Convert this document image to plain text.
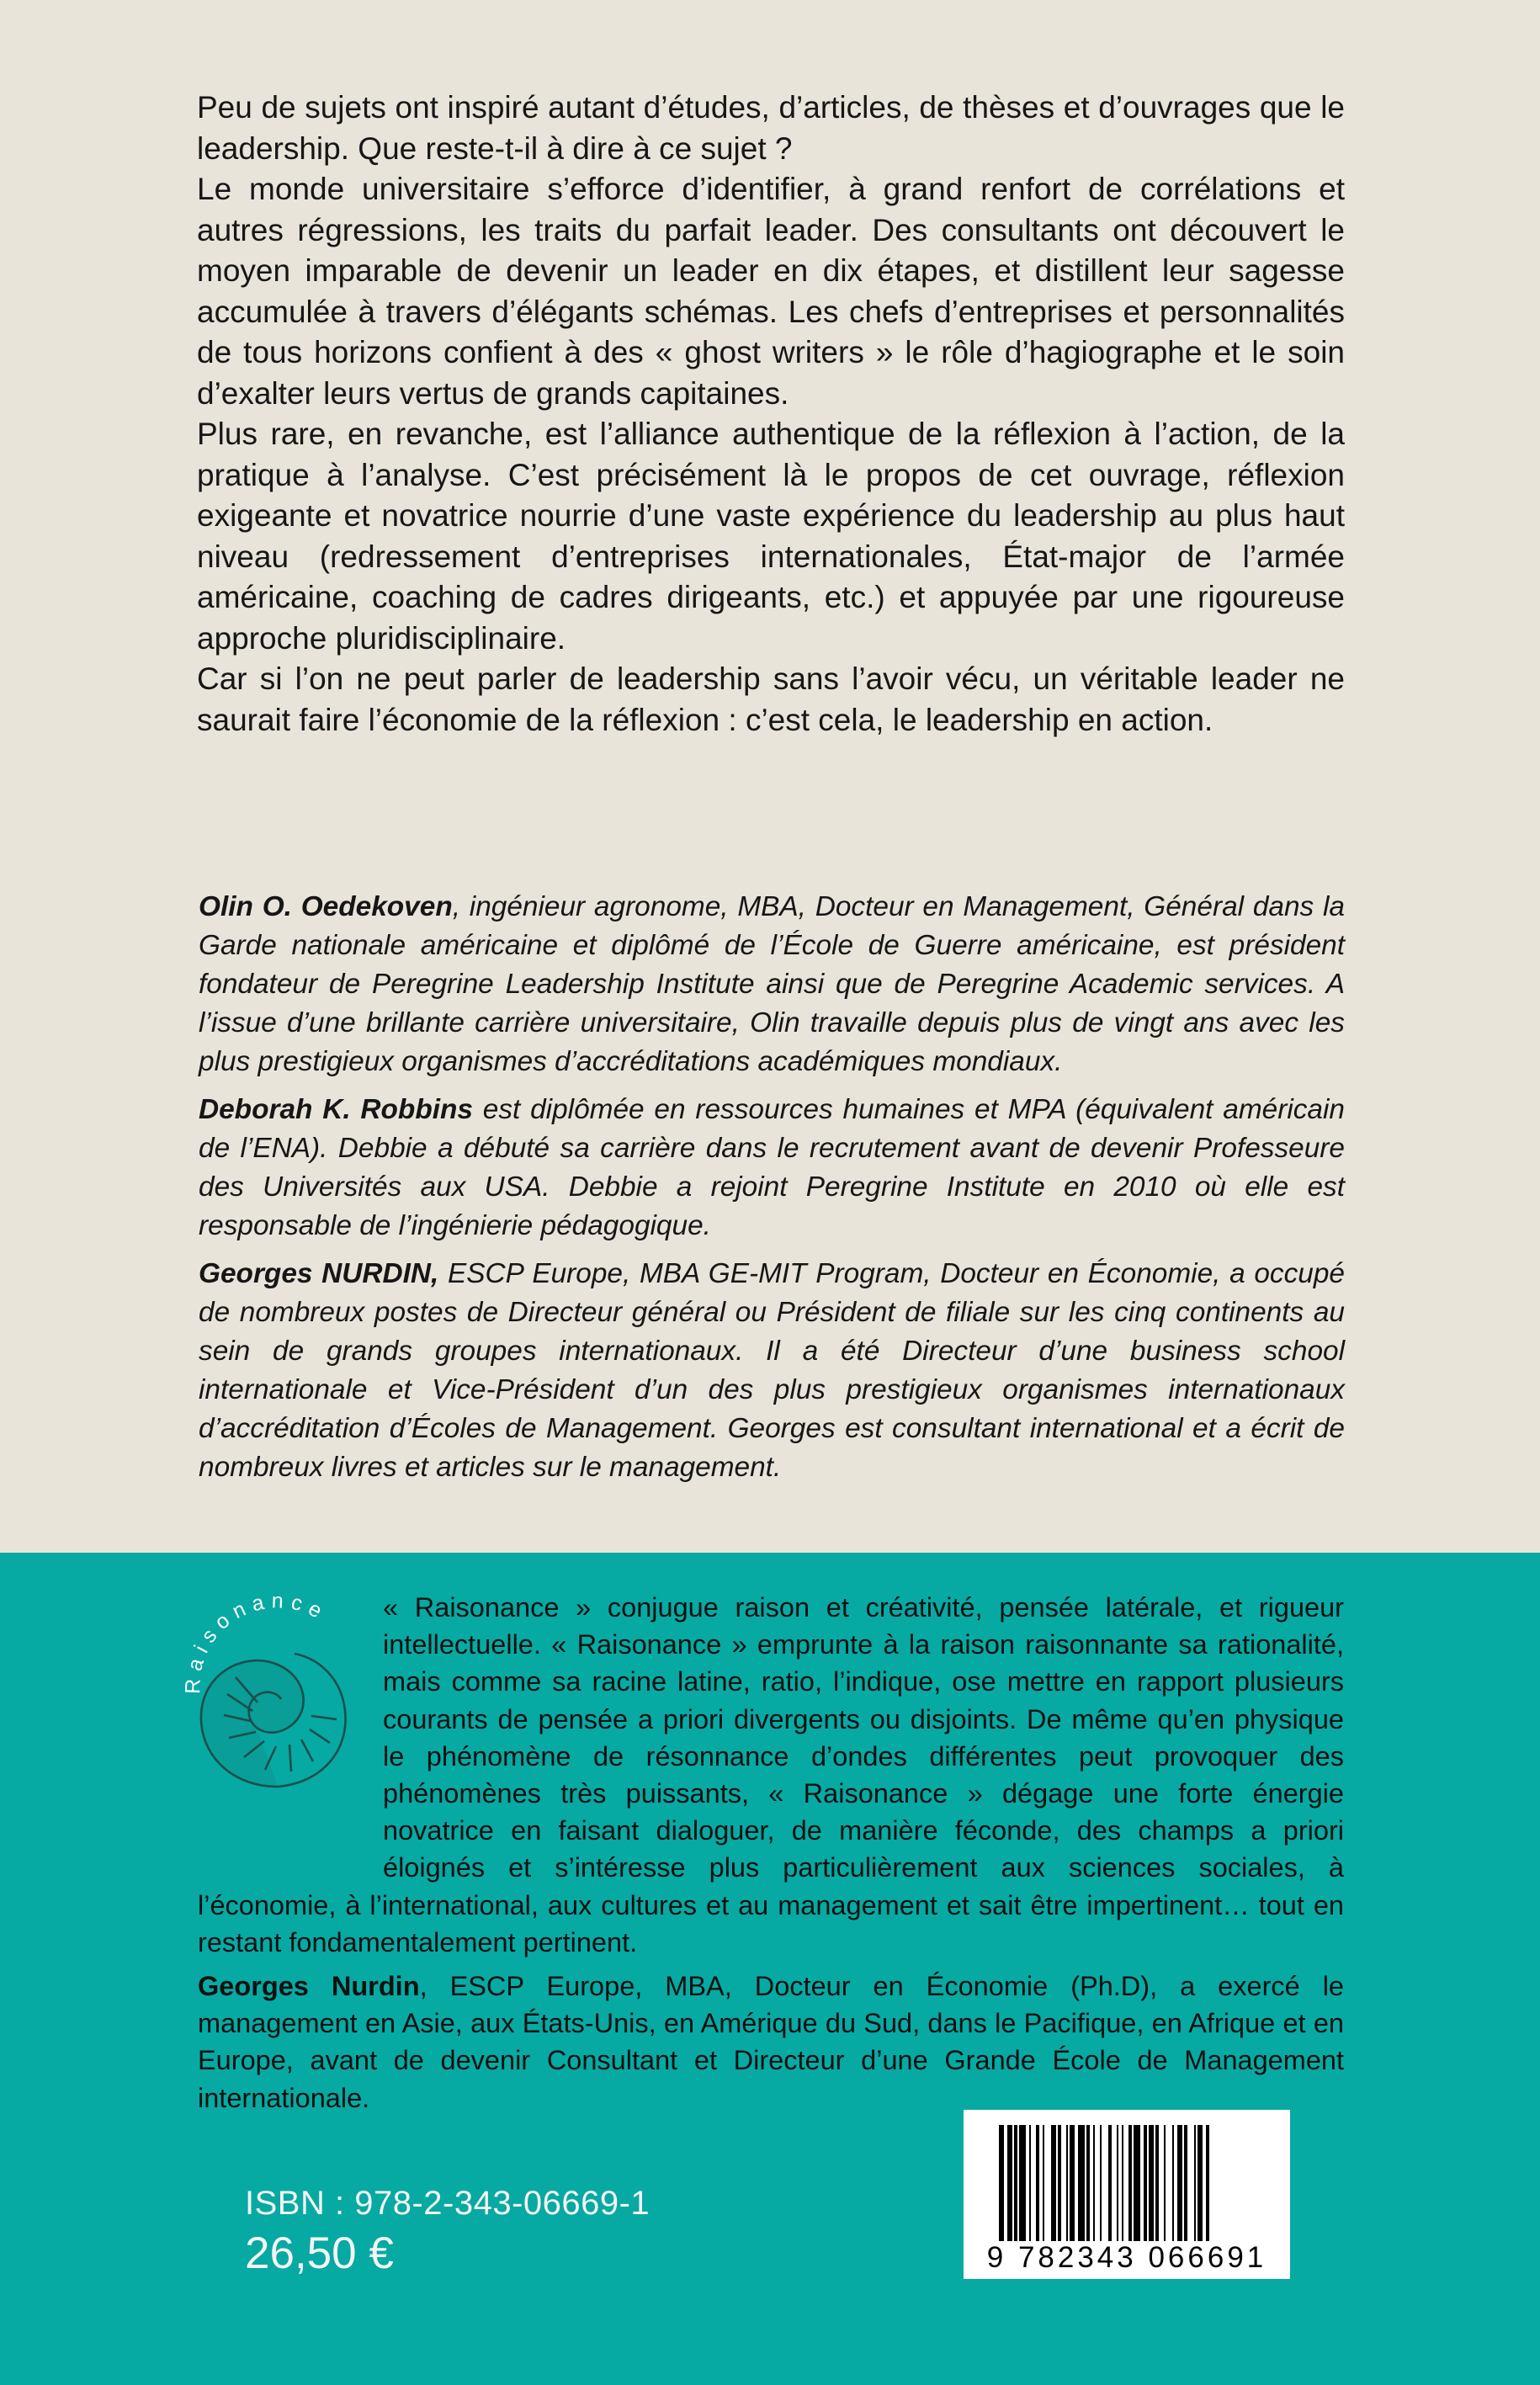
Peu de sujets ont inspiré autant d’études, d’articles, de thèses et d’ouvrages que le leadership. Que reste-t-il à dire à ce sujet ?

Le monde universitaire s’efforce d’identifier, à grand renfort de corrélations et autres régressions, les traits du parfait leader. Des consultants ont découvert le moyen imparable de devenir un leader en dix étapes, et distillent leur sagesse accumulée à travers d’élégants schémas. Les chefs d’entreprises et personnalités de tous horizons confient à des « ghost writers » le rôle d’hagiographe et le soin d’exalter leurs vertus de grands capitaines.

Plus rare, en revanche, est l’alliance authentique de la réflexion à l’action, de la pratique à l’analyse. C’est précisément là le propos de cet ouvrage, réflexion exigeante et novatrice nourrie d’une vaste expérience du leadership au plus haut niveau (redressement d’entreprises internationales, État-major de l’armée américaine, coaching de cadres dirigeants, etc.) et appuyée par une rigoureuse approche pluridisciplinaire.

Car si l’on ne peut parler de leadership sans l’avoir vécu, un véritable leader ne saurait faire l’économie de la réflexion : c’est cela, le leadership en action.

Olin O. Oedekoven, ingénieur agronome, MBA, Docteur en Management, Général dans la Garde nationale américaine et diplômé de l’École de Guerre américaine, est président fondateur de Peregrine Leadership Institute ainsi que de Peregrine Academic services. A l’issue d’une brillante carrière universitaire, Olin travaille depuis plus de vingt ans avec les plus prestigieux organismes d’accréditations académiques mondiaux.

Deborah K. Robbins est diplômée en ressources humaines et MPA (équivalent américain de l’ENA). Debbie a débuté sa carrière dans le recrutement avant de devenir Professeure des Universités aux USA. Debbie a rejoint Peregrine Institute en 2010 où elle est responsable de l’ingénierie pédagogique.

Georges NURDIN, ESCP Europe, MBA GE-MIT Program, Docteur en Économie, a occupé de nombreux postes de Directeur général ou Président de filiale sur les cinq continents au sein de grands groupes internationaux. Il a été Directeur d’une business school internationale et Vice-Président d’un des plus prestigieux organismes internationaux d’accréditation d’Écoles de Management. Georges est consultant international et a écrit de nombreux livres et articles sur le management.

Raisonance	« Raisonance » conjugue raison et créativité, pensée latérale, et rigueur intellectuelle. « Raisonance » emprunte à la raison raisonnante sa rationalité, mais comme sa racine latine, ratio, l’indique, ose mettre en rapport plusieurs courants de pensée a priori divergents ou disjoints. De même qu’en physique le phénomène de résonnance d’ondes différentes peut provoquer des phénomènes très puissants, « Raisonance » dégage une forte énergie novatrice en faisant dialoguer, de manière féconde, des champs a priori éloignés et s’intéresse plus particulièrement aux sciences sociales, à l’économie, à l’international, aux cultures et au management et sait être impertinent… tout en restant fondamentalement pertinent.

Georges Nurdin, ESCP Europe, MBA, Docteur en Économie (Ph.D), a exercé le management en Asie, aux États-Unis, en Amérique du Sud, dans le Pacifique, en Afrique et en Europe, avant de devenir Consultant et Directeur d’une Grande École de Management internationale.

ISBN : 978-2-343-06669-1
26,50 €	9 782343 066691
